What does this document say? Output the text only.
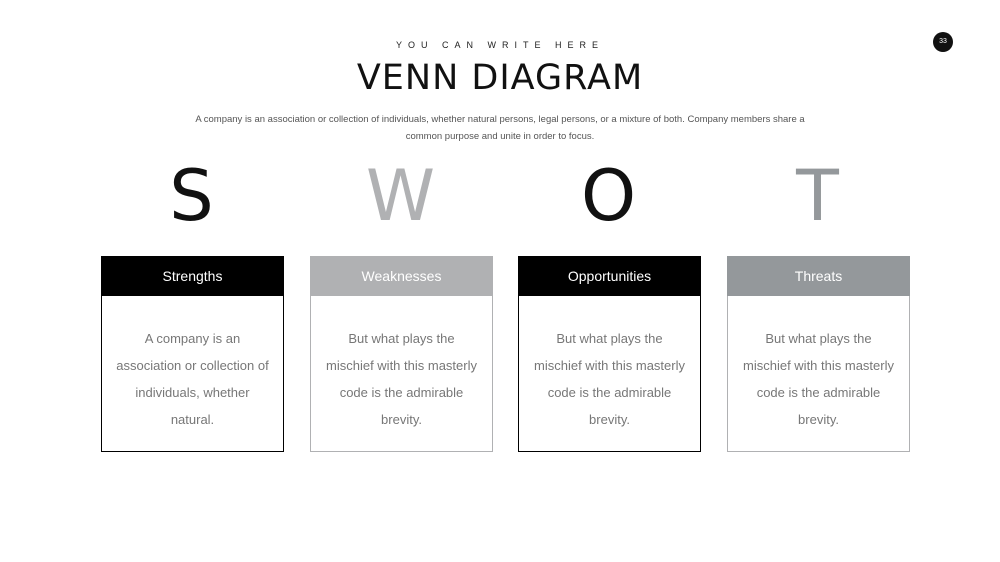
YOU CAN WRITE HERE
VENN DIAGRAM
A company is an association or collection of individuals, whether natural persons, legal persons, or a mixture of both. Company members share a common purpose and unite in order to focus.
33
S	W	O	T
Strengths
A company is an association or collection of individuals, whether natural.
Weaknesses
But what plays the mischief with this masterly code is the admirable brevity.
Opportunities
But what plays the mischief with this masterly code is the admirable brevity.
Threats
But what plays the mischief with this masterly code is the admirable brevity.
